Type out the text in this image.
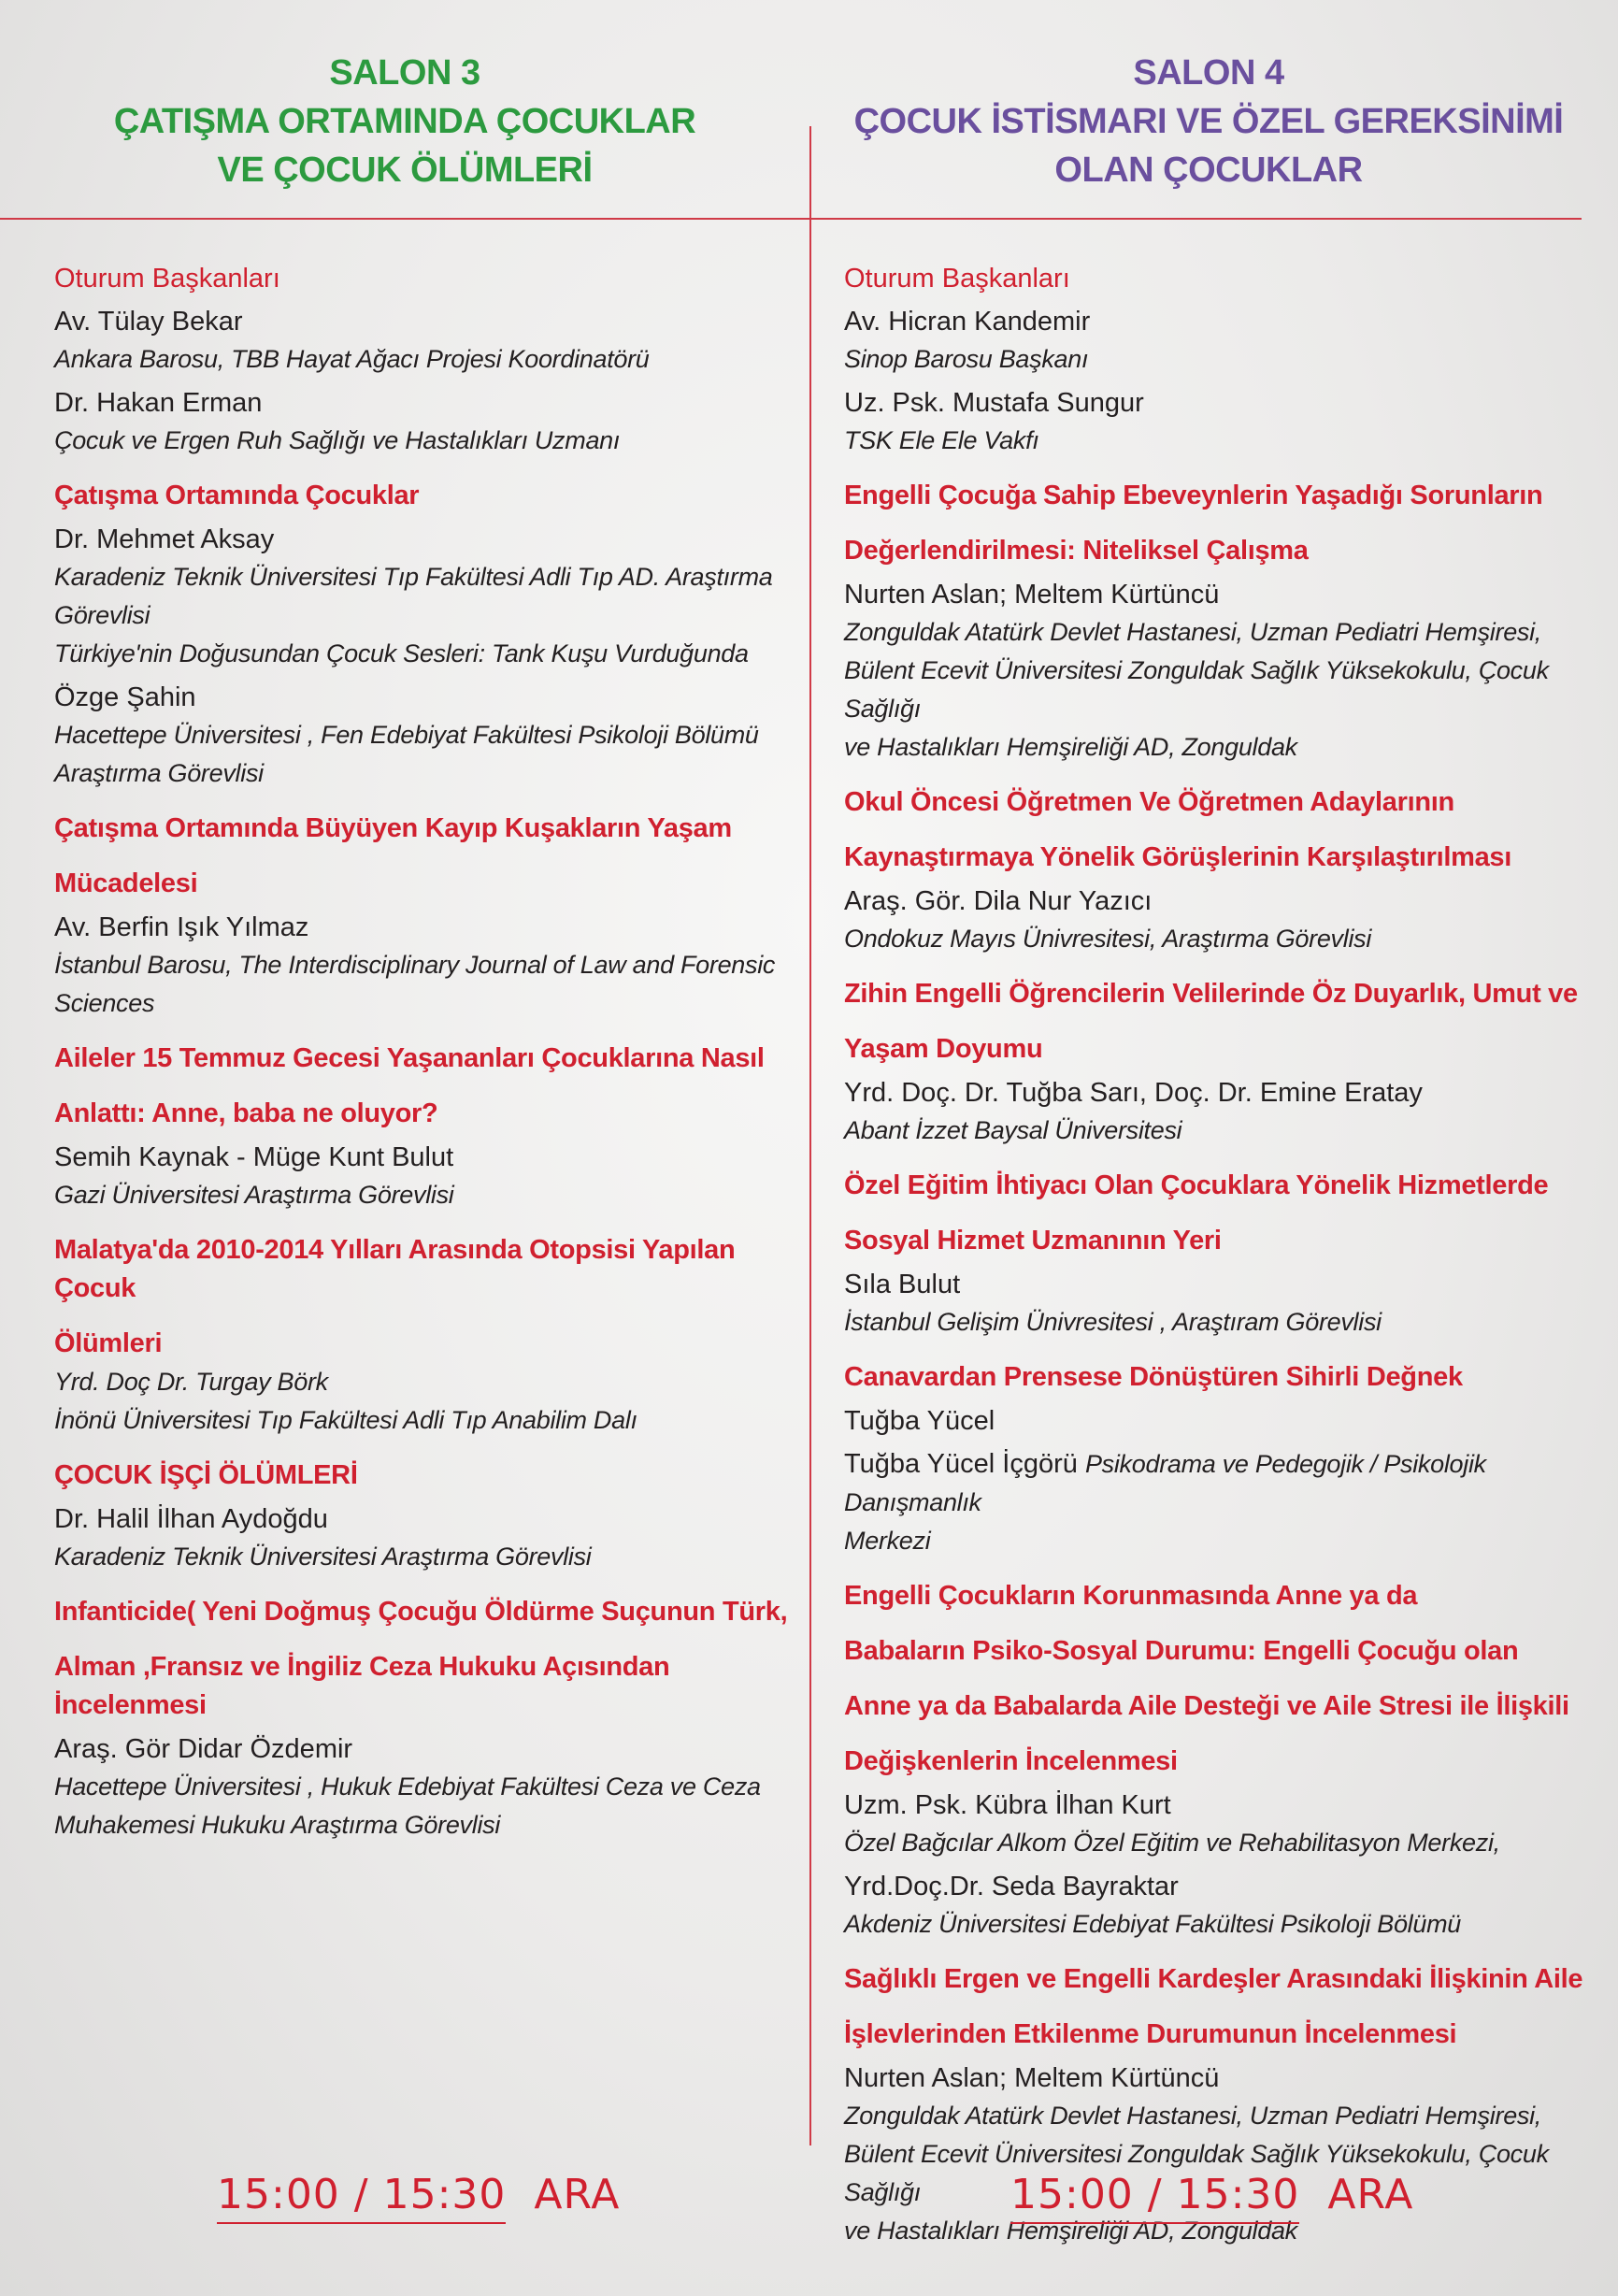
SALON 3
ÇATIŞMA ORTAMINDA ÇOCUKLAR
VE ÇOCUK ÖLÜMLERİ
SALON 4
ÇOCUK İSTİSMARI VE ÖZEL GEREKSİNİMİ
OLAN ÇOCUKLAR
Oturum Başkanları
Av. Tülay Bekar
Ankara Barosu, TBB Hayat Ağacı Projesi Koordinatörü
Dr. Hakan Erman
Çocuk ve Ergen Ruh Sağlığı ve Hastalıkları Uzmanı
Çatışma Ortamında Çocuklar
Dr. Mehmet Aksay
Karadeniz Teknik Üniversitesi Tıp Fakültesi Adli Tıp AD. Araştırma
Görevlisi
Türkiye'nin Doğusundan Çocuk Sesleri: Tank Kuşu Vurduğunda
Özge Şahin
Hacettepe Üniversitesi , Fen Edebiyat Fakültesi Psikoloji Bölümü
Araştırma Görevlisi
Çatışma Ortamında Büyüyen Kayıp Kuşakların Yaşam
Mücadelesi
Av. Berfin Işık Yılmaz
İstanbul Barosu, The Interdisciplinary Journal of Law and Forensic
Sciences
Aileler 15 Temmuz Gecesi Yaşananları Çocuklarına Nasıl
Anlattı: Anne, baba ne oluyor?
Semih Kaynak - Müge Kunt Bulut
Gazi Üniversitesi Araştırma Görevlisi
Malatya'da 2010-2014 Yılları Arasında Otopsisi Yapılan Çocuk
Ölümleri
Yrd. Doç Dr. Turgay Börk
İnönü Üniversitesi Tıp Fakültesi Adli Tıp Anabilim Dalı
ÇOCUK İŞÇİ ÖLÜMLERİ
Dr. Halil İlhan Aydoğdu
Karadeniz Teknik Üniversitesi Araştırma Görevlisi
Infanticide( Yeni Doğmuş Çocuğu Öldürme Suçunun Türk,
Alman ,Fransız ve İngiliz Ceza Hukuku Açısından İncelenmesi
Araş. Gör Didar Özdemir
Hacettepe Üniversitesi , Hukuk Edebiyat Fakültesi Ceza ve Ceza
Muhakemesi Hukuku Araştırma Görevlisi
Oturum Başkanları
Av. Hicran Kandemir
Sinop Barosu Başkanı
Uz. Psk. Mustafa Sungur
TSK Ele Ele Vakfı
Engelli Çocuğa Sahip Ebeveynlerin Yaşadığı Sorunların
Değerlendirilmesi: Niteliksel Çalışma
Nurten Aslan; Meltem Kürtüncü
Zonguldak Atatürk Devlet Hastanesi, Uzman Pediatri Hemşiresi,
Bülent Ecevit Üniversitesi Zonguldak Sağlık Yüksekokulu, Çocuk Sağlığı
ve Hastalıkları Hemşireliği AD, Zonguldak
Okul Öncesi Öğretmen Ve Öğretmen Adaylarının
Kaynaştırmaya Yönelik Görüşlerinin Karşılaştırılması
Araş. Gör. Dila Nur Yazıcı
Ondokuz Mayıs Ünivresitesi, Araştırma Görevlisi
Zihin Engelli Öğrencilerin Velilerinde Öz Duyarlık, Umut ve
Yaşam Doyumu
Yrd. Doç. Dr. Tuğba Sarı, Doç. Dr. Emine Eratay
Abant İzzet Baysal Üniversitesi
Özel Eğitim İhtiyacı Olan Çocuklara Yönelik Hizmetlerde
Sosyal Hizmet Uzmanının Yeri
Sıla Bulut
İstanbul Gelişim Ünivresitesi , Araştıram Görevlisi
Canavardan Prensese Dönüştüren Sihirli Değnek
Tuğba Yücel
Tuğba Yücel İçgörü Psikodrama ve Pedegojik / Psikolojik Danışmanlık
Merkezi
Engelli Çocukların Korunmasında Anne ya da
Babaların Psiko-Sosyal Durumu: Engelli Çocuğu olan
Anne ya da Babalarda Aile Desteği ve Aile Stresi ile İlişkili
Değişkenlerin İncelenmesi
Uzm. Psk. Kübra İlhan Kurt
Özel Bağcılar Alkom Özel Eğitim ve Rehabilitasyon Merkezi,
Yrd.Doç.Dr. Seda Bayraktar
Akdeniz Üniversitesi Edebiyat Fakültesi Psikoloji Bölümü
Sağlıklı Ergen ve Engelli Kardeşler Arasındaki İlişkinin Aile
İşlevlerinden Etkilenme Durumunun İncelenmesi
Nurten Aslan; Meltem Kürtüncü
Zonguldak Atatürk Devlet Hastanesi, Uzman Pediatri Hemşiresi,
Bülent Ecevit Üniversitesi Zonguldak Sağlık Yüksekokulu, Çocuk Sağlığı
ve Hastalıkları Hemşireliği AD, Zonguldak
15:00 / 15:30 ARA	15:00 / 15:30 ARA
